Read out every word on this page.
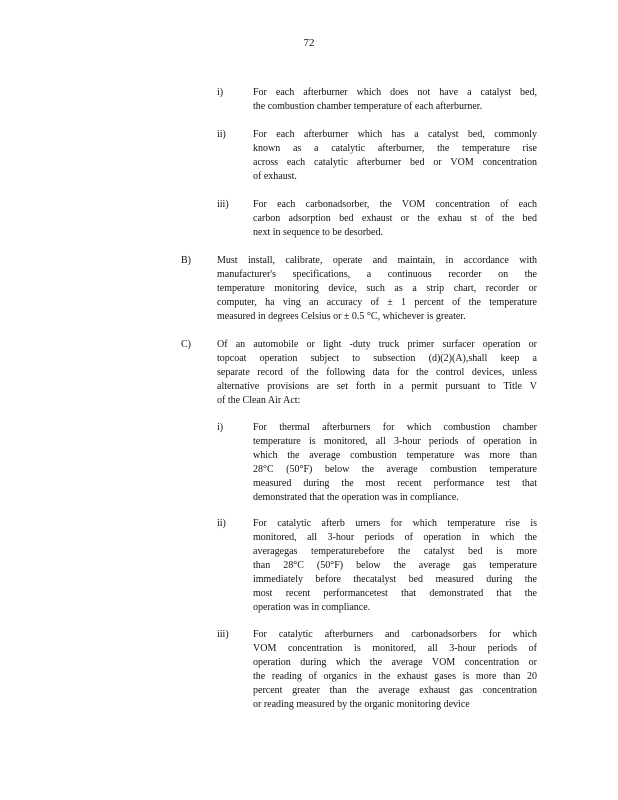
72
i)	For each afterburner which does not have a catalyst bed,
the combustion chamber temperature of each afterburner.
ii)	For each afterburner which has a catalyst bed, commonly
known as a catalytic afterburner, the temperature rise
across each catalytic afterburner bed or VOM concentration
of exhaust.
iii) For each carbonadsorber, the VOM concentration of each
carbon adsorption bed exhaust or the exhau st of the bed
next in sequence to be desorbed.
B)	Must install, calibrate, operate and maintain, in accordance with
manufacturer's specifications, a continuous recorder on the
temperature monitoring device, such as a strip chart, recorder or
computer, ha ving an accuracy of ± 1 percent of the temperature
measured in degrees Celsius or ± 0.5 °C, whichever is greater.
C)	Of an automobile or light -duty truck primer surfacer operation or
topcoat operation subject to subsection (d)(2)(A),shall keep a
separate record of the following data for the control devices, unless
alternative provisions are set forth in a permit pursuant to Title V
of the Clean Air Act:
i)	For thermal afterburners for which combustion chamber
temperature is monitored, all 3-hour periods of operation in
which the average combustion temperature was more than
28°C (50°F) below the average combustion temperature
measured during the most recent performance test that
demonstrated that the operation was in compliance.
ii)	For catalytic afterb urners for which temperature rise is
monitored, all 3-hour periods of operation in which the
averagegas temperaturebefore the catalyst bed is more
than 28°C (50°F) below the average gas temperature
immediately before thecatalyst bed measured during the
most recent performancetest that demonstrated that the
operation was in compliance.
iii) For catalytic afterburners and carbonadsorbers for which
VOM concentration is monitored, all 3-hour periods of
operation during which the average VOM concentration or
the reading of organics in the exhaust gases is more than 20
percent greater than the average exhaust gas concentration
or reading measured by the organic monitoring device
